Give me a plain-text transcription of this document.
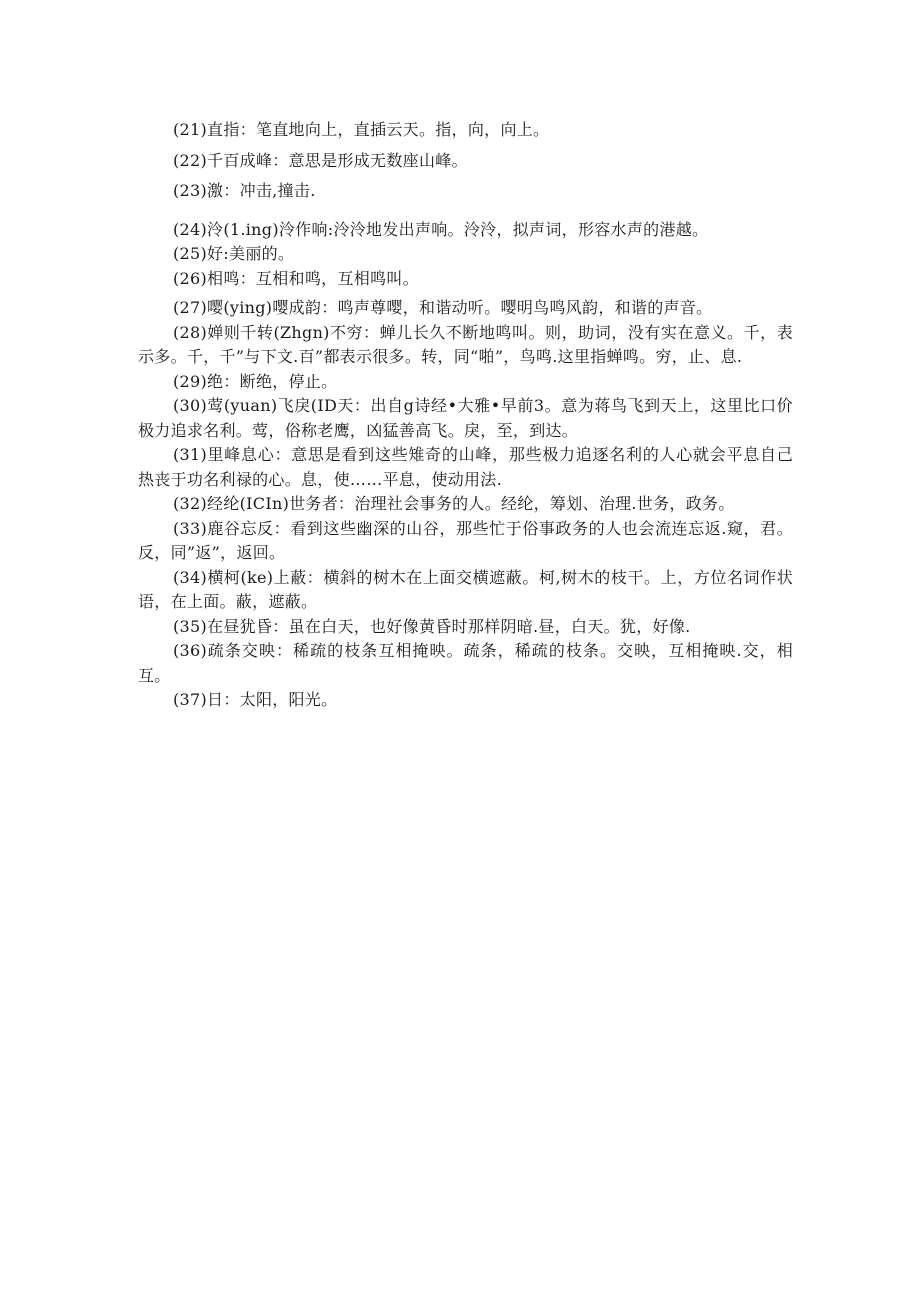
(21)直指：笔直地向上，直插云天。指，向，向上。

(22)千百成峰：意思是形成无数座山峰。

(23)激：冲击,撞击.

(24)泠(1.ing)泠作响:泠泠地发出声响。泠泠，拟声词，形容水声的港越。

(25)好:美丽的。

(26)相鸣：互相和鸣，互相鸣叫。

(27)嘤(ying)嘤成韵：鸣声尊嘤，和谐动听。嘤明鸟鸣风韵，和谐的声音。

(28)婵则千转(Zhgn)不穷：蝉儿长久不断地鸣叫。则，助词，没有实在意义。千，表示多。千，千”与下文.百”都表示很多。转，同“啪”，鸟鸣.这里指蝉鸣。穷，止、息.

(29)绝：断绝，停止。

(30)莺(yuan)飞戾(ID天：出自g诗经•大雅•早前3。意为蒋鸟飞到天上，这里比口价极力追求名利。莺，俗称老鹰，凶猛善高飞。戾，至，到达。

(31)里峰息心：意思是看到这些雉奇的山峰，那些极力追逐名利的人心就会平息自己热丧于功名利禄的心。息，使……平息，使动用法.

(32)经纶(ICIn)世务者：治理社会事务的人。经纶，筹划、治理.世务，政务。

(33)鹿谷忘反：看到这些幽深的山谷，那些忙于俗事政务的人也会流连忘返.窥，君。反，同”返”，返回。

(34)横柯(ke)上蔽：横斜的树木在上面交横遮蔽。柯,树木的枝干。上，方位名词作状语，在上面。蔽，遮蔽。

(35)在昼犹昏：虽在白天，也好像黄昏时那样阴暗.昼，白天。犹，好像.

(36)疏条交映：稀疏的枝条互相掩映。疏条，稀疏的枝条。交映，互相掩映.交，相互。

(37)日：太阳，阳光。
